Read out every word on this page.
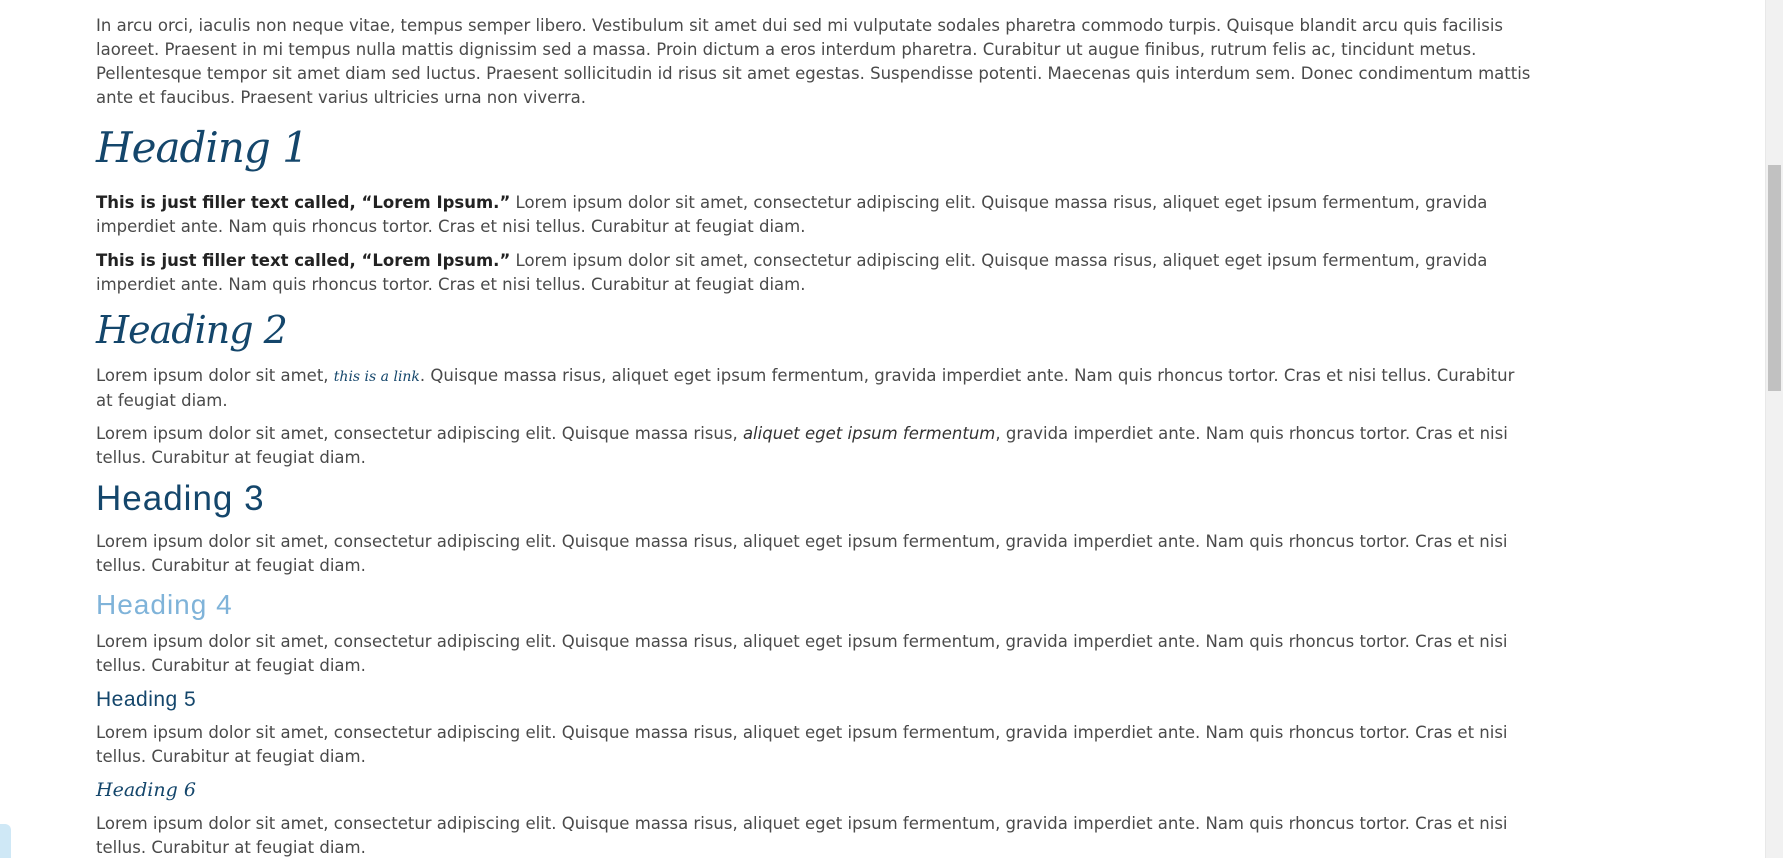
In arcu orci, iaculis non neque vitae, tempus semper libero. Vestibulum sit amet dui sed mi vulputate sodales pharetra commodo turpis. Quisque blandit arcu quis facilisis laoreet. Praesent in mi tempus nulla mattis dignissim sed a massa. Proin dictum a eros interdum pharetra. Curabitur ut augue finibus, rutrum felis ac, tincidunt metus. Pellentesque tempor sit amet diam sed luctus. Praesent sollicitudin id risus sit amet egestas. Suspendisse potenti. Maecenas quis interdum sem. Donec condimentum mattis ante et faucibus. Praesent varius ultricies urna non viverra.

Heading 1

This is just filler text called, “Lorem Ipsum.” Lorem ipsum dolor sit amet, consectetur adipiscing elit. Quisque massa risus, aliquet eget ipsum fermentum, gravida imperdiet ante. Nam quis rhoncus tortor. Cras et nisi tellus. Curabitur at feugiat diam.

This is just filler text called, “Lorem Ipsum.” Lorem ipsum dolor sit amet, consectetur adipiscing elit. Quisque massa risus, aliquet eget ipsum fermentum, gravida imperdiet ante. Nam quis rhoncus tortor. Cras et nisi tellus. Curabitur at feugiat diam.

Heading 2

Lorem ipsum dolor sit amet, this is a link. Quisque massa risus, aliquet eget ipsum fermentum, gravida imperdiet ante. Nam quis rhoncus tortor. Cras et nisi tellus. Curabitur at feugiat diam.

Lorem ipsum dolor sit amet, consectetur adipiscing elit. Quisque massa risus, aliquet eget ipsum fermentum, gravida imperdiet ante. Nam quis rhoncus tortor. Cras et nisi tellus. Curabitur at feugiat diam.

Heading 3

Lorem ipsum dolor sit amet, consectetur adipiscing elit. Quisque massa risus, aliquet eget ipsum fermentum, gravida imperdiet ante. Nam quis rhoncus tortor. Cras et nisi tellus. Curabitur at feugiat diam.

Heading 4

Lorem ipsum dolor sit amet, consectetur adipiscing elit. Quisque massa risus, aliquet eget ipsum fermentum, gravida imperdiet ante. Nam quis rhoncus tortor. Cras et nisi tellus. Curabitur at feugiat diam.

Heading 5

Lorem ipsum dolor sit amet, consectetur adipiscing elit. Quisque massa risus, aliquet eget ipsum fermentum, gravida imperdiet ante. Nam quis rhoncus tortor. Cras et nisi tellus. Curabitur at feugiat diam.

Heading 6

Lorem ipsum dolor sit amet, consectetur adipiscing elit. Quisque massa risus, aliquet eget ipsum fermentum, gravida imperdiet ante. Nam quis rhoncus tortor. Cras et nisi tellus. Curabitur at feugiat diam.
